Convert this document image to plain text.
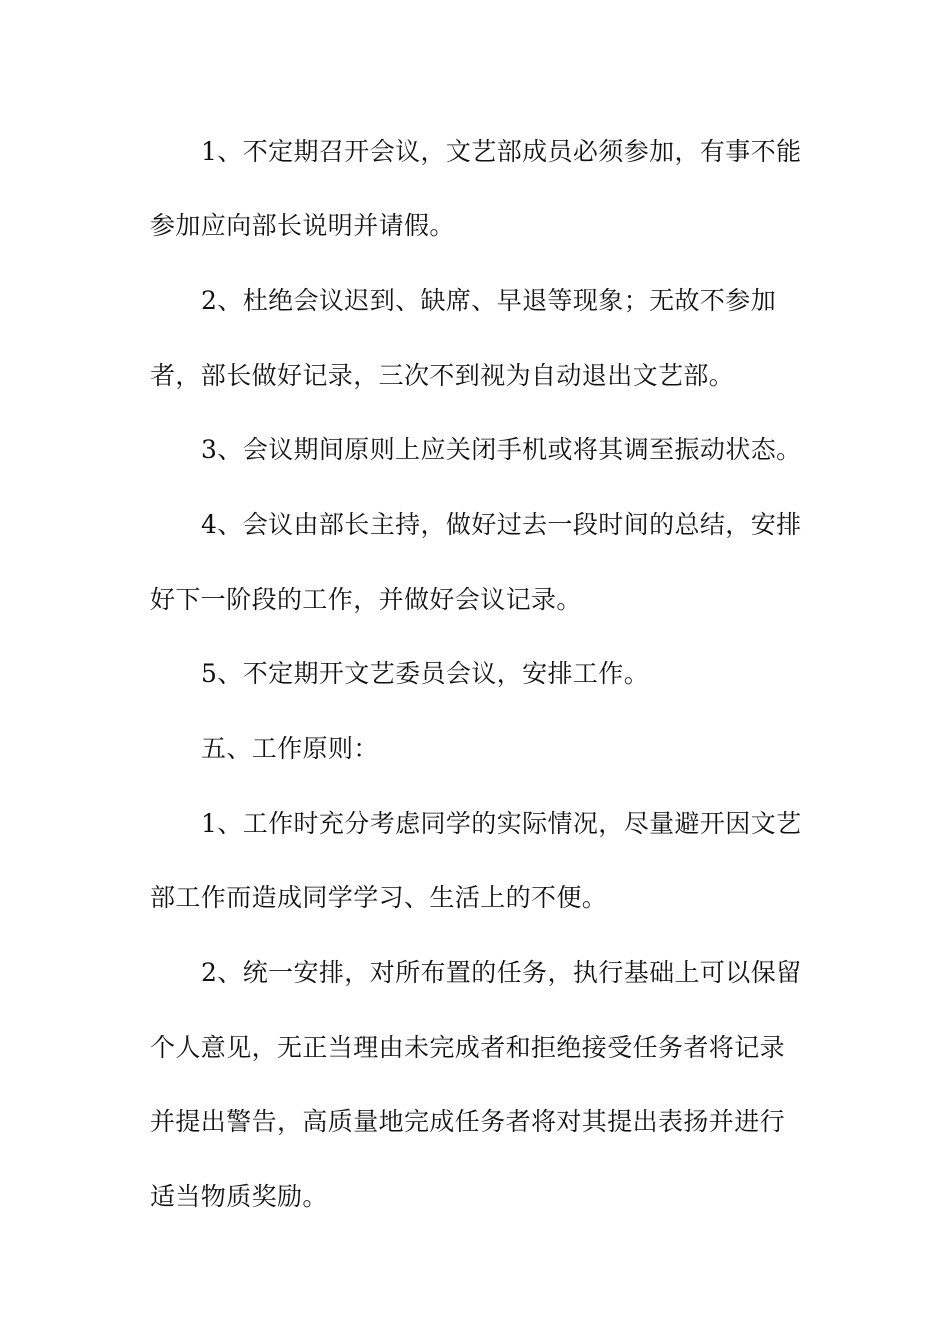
1、不定期召开会议，文艺部成员必须参加，有事不能
参加应向部长说明并请假。
2、杜绝会议迟到、缺席、早退等现象；无故不参加
者，部长做好记录，三次不到视为自动退出文艺部。
3、会议期间原则上应关闭手机或将其调至振动状态。
4、会议由部长主持，做好过去一段时间的总结，安排
好下一阶段的工作，并做好会议记录。
5、不定期开文艺委员会议，安排工作。
五、工作原则：
1、工作时充分考虑同学的实际情况，尽量避开因文艺
部工作而造成同学学习、生活上的不便。
2、统一安排，对所布置的任务，执行基础上可以保留
个人意见，无正当理由未完成者和拒绝接受任务者将记录
并提出警告，高质量地完成任务者将对其提出表扬并进行
适当物质奖励。
